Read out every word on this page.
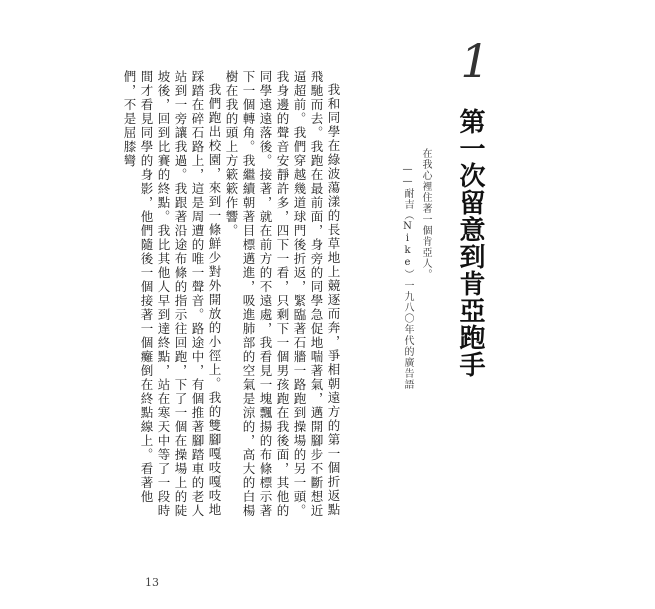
1
第一次留意到肯亞跑手
在我心裡住著一個肯亞人。
——耐吉（Nike）一九八〇年代的廣告語

我和同學在綠波蕩漾的長草地上競逐而奔，爭相朝遠方的第一個折返點飛馳而去。我跑在最前面，身旁的同學急促地喘著氣，邁開腳步不斷想近逼超前。我們穿越幾道球門後折返，緊臨著石牆一路跑到操場的另一頭。我身邊的聲音安靜許多，四下一看，只剩下一個男孩跑在我後面，其他的同學遠遠落後。接著，就在前方的不遠處，我看見一塊飄揚的布條標示著下一個轉角。我繼續朝著目標邁進，吸進肺部的空氣是涼的，高大的白楊樹在我的頭上方簌簌作響。

我們跑出校園，來到一條鮮少對外開放的小徑上。我的雙腳嘎吱嘎吱地踩踏在碎石路上，這是周遭的唯一聲音。路途中，有個推著腳踏車的老人站到一旁讓我過。我跟著沿途布條的指示往回跑，下了一個在操場上的陡坡後，回到比賽的終點。我比其他人早到達終點，站在寒天中等了一段時間才看見同學的身影，他們隨後一個接著一個癱倒在終點線上。看著他們，不是屈膝彎

13
